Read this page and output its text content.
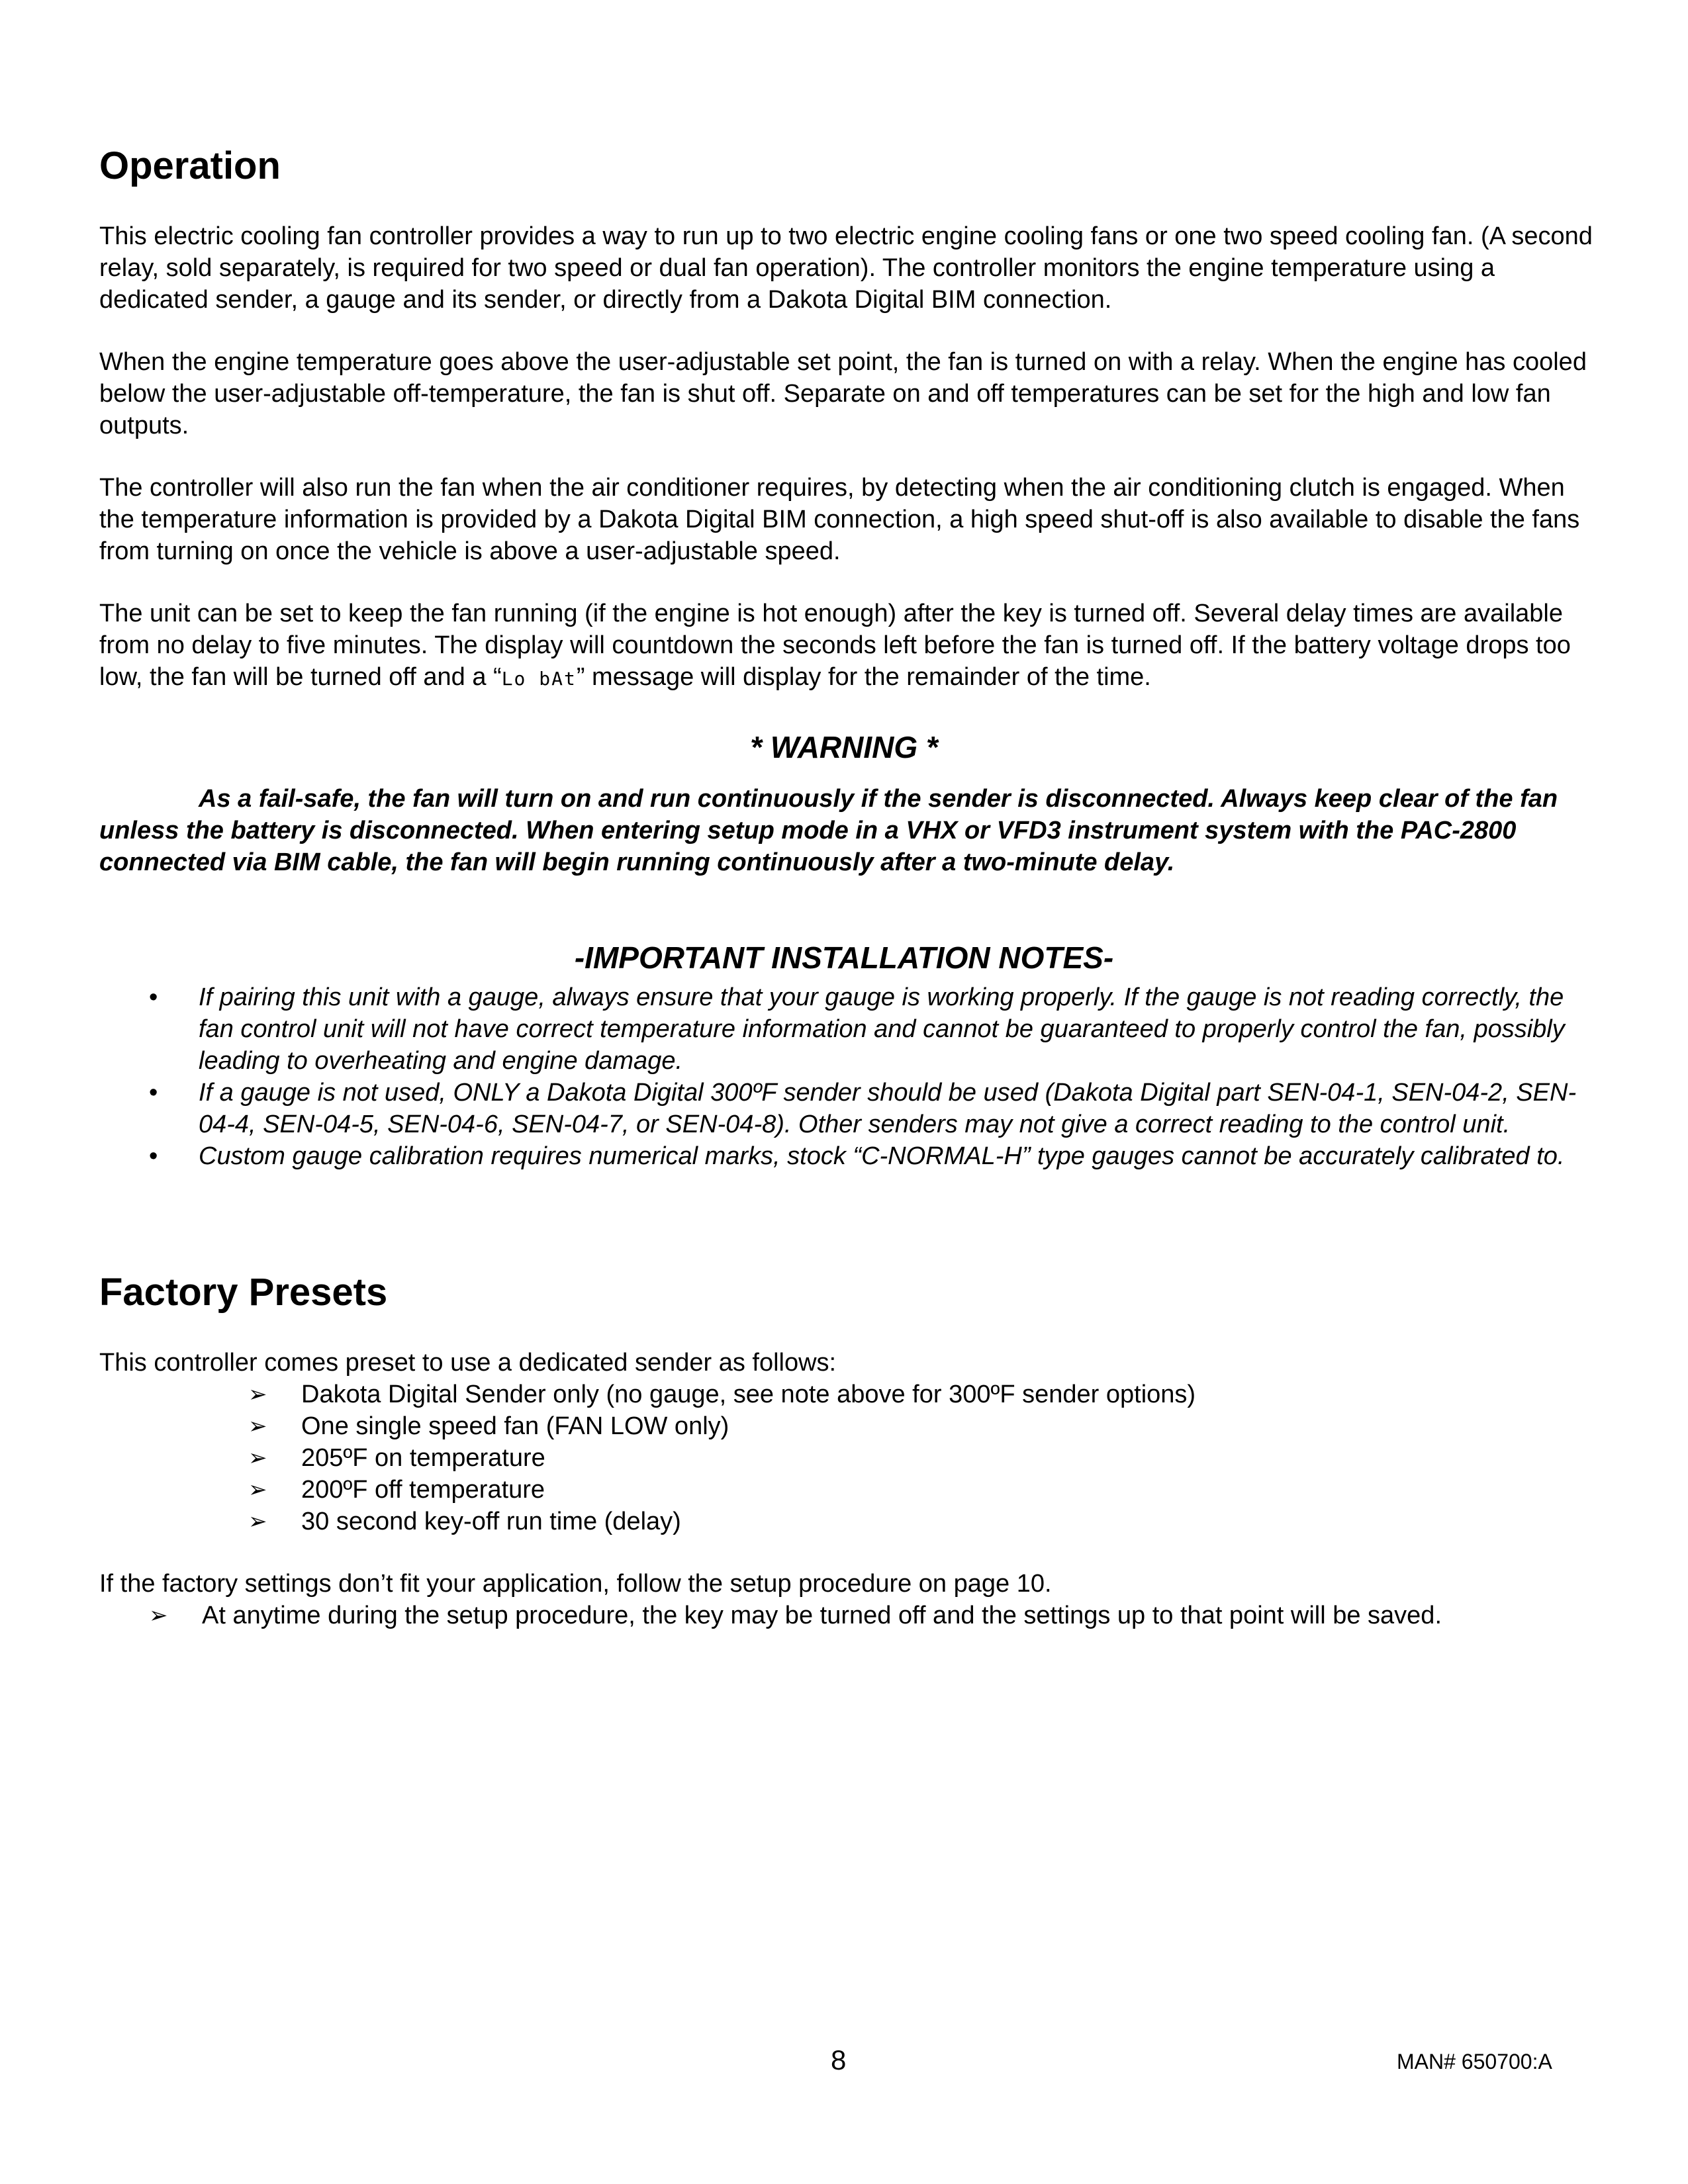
Operation

This electric cooling fan controller provides a way to run up to two electric engine cooling fans or one two speed cooling fan. (A second relay, sold separately, is required for two speed or dual fan operation). The controller monitors the engine temperature using a dedicated sender, a gauge and its sender, or directly from a Dakota Digital BIM connection.

When the engine temperature goes above the user-adjustable set point, the fan is turned on with a relay. When the engine has cooled below the user-adjustable off-temperature, the fan is shut off. Separate on and off temperatures can be set for the high and low fan outputs.

The controller will also run the fan when the air conditioner requires, by detecting when the air conditioning clutch is engaged. When the temperature information is provided by a Dakota Digital BIM connection, a high speed shut-off is also available to disable the fans from turning on once the vehicle is above a user-adjustable speed.

The unit can be set to keep the fan running (if the engine is hot enough) after the key is turned off. Several delay times are available from no delay to five minutes. The display will countdown the seconds left before the fan is turned off. If the battery voltage drops too low, the fan will be turned off and a “Lo bAt” message will display for the remainder of the time.

* WARNING *

As a fail-safe, the fan will turn on and run continuously if the sender is disconnected. Always keep clear of the fan unless the battery is disconnected. When entering setup mode in a VHX or VFD3 instrument system with the PAC-2800 connected via BIM cable, the fan will begin running continuously after a two-minute delay.

-IMPORTANT INSTALLATION NOTES-
• If pairing this unit with a gauge, always ensure that your gauge is working properly. If the gauge is not reading correctly, the fan control unit will not have correct temperature information and cannot be guaranteed to properly control the fan, possibly leading to overheating and engine damage.
• If a gauge is not used, ONLY a Dakota Digital 300ºF sender should be used (Dakota Digital part SEN-04-1, SEN-04-2, SEN-04-4, SEN-04-5, SEN-04-6, SEN-04-7, or SEN-04-8). Other senders may not give a correct reading to the control unit.
• Custom gauge calibration requires numerical marks, stock “C-NORMAL-H” type gauges cannot be accurately calibrated to.
Factory Presets

This controller comes preset to use a dedicated sender as follows:

➢ Dakota Digital Sender only (no gauge, see note above for 300ºF sender options)
➢ One single speed fan (FAN LOW only)
➢ 205ºF on temperature
➢ 200ºF off temperature
➢ 30 second key-off run time (delay)

If the factory settings don’t fit your application, follow the setup procedure on page 10.

➢ At anytime during the setup procedure, the key may be turned off and the settings up to that point will be saved.
8	MAN# 650700:A
